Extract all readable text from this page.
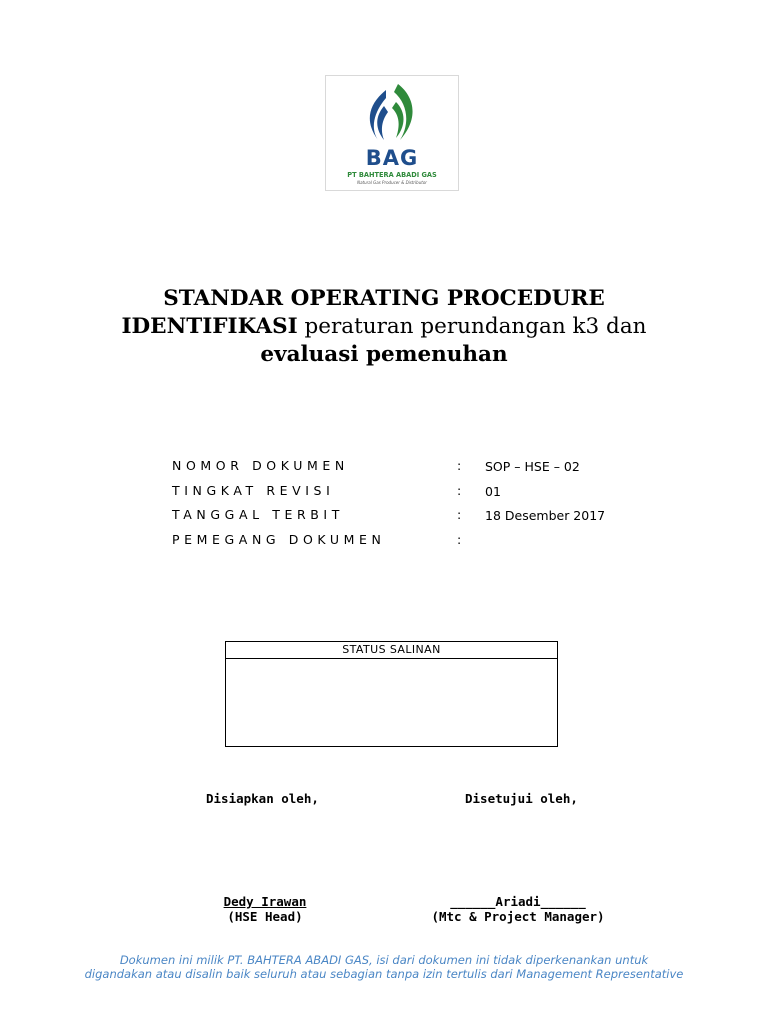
BAG
PT BAHTERA ABADI GAS
Natural Gas Producer & Distributor
STANDAR OPERATING PROCEDURE
IDENTIFIKASI peraturan perundangan k3 dan
evaluasi pemenuhan
NOMOR DOKUMEN	: SOP – HSE – 02
TINGKAT REVISI	: 01
TANGGAL TERBIT	: 18 Desember 2017
PEMEGANG DOKUMEN	:
STATUS SALINAN
Disiapkan oleh,	Disetujui oleh,
Dedy Irawan
(HSE Head)
______Ariadi______
(Mtc & Project Manager)
Dokumen ini milik PT. BAHTERA ABADI GAS, isi dari dokumen ini tidak diperkenankan untuk
digandakan atau disalin baik seluruh atau sebagian tanpa izin tertulis dari Management Representative
